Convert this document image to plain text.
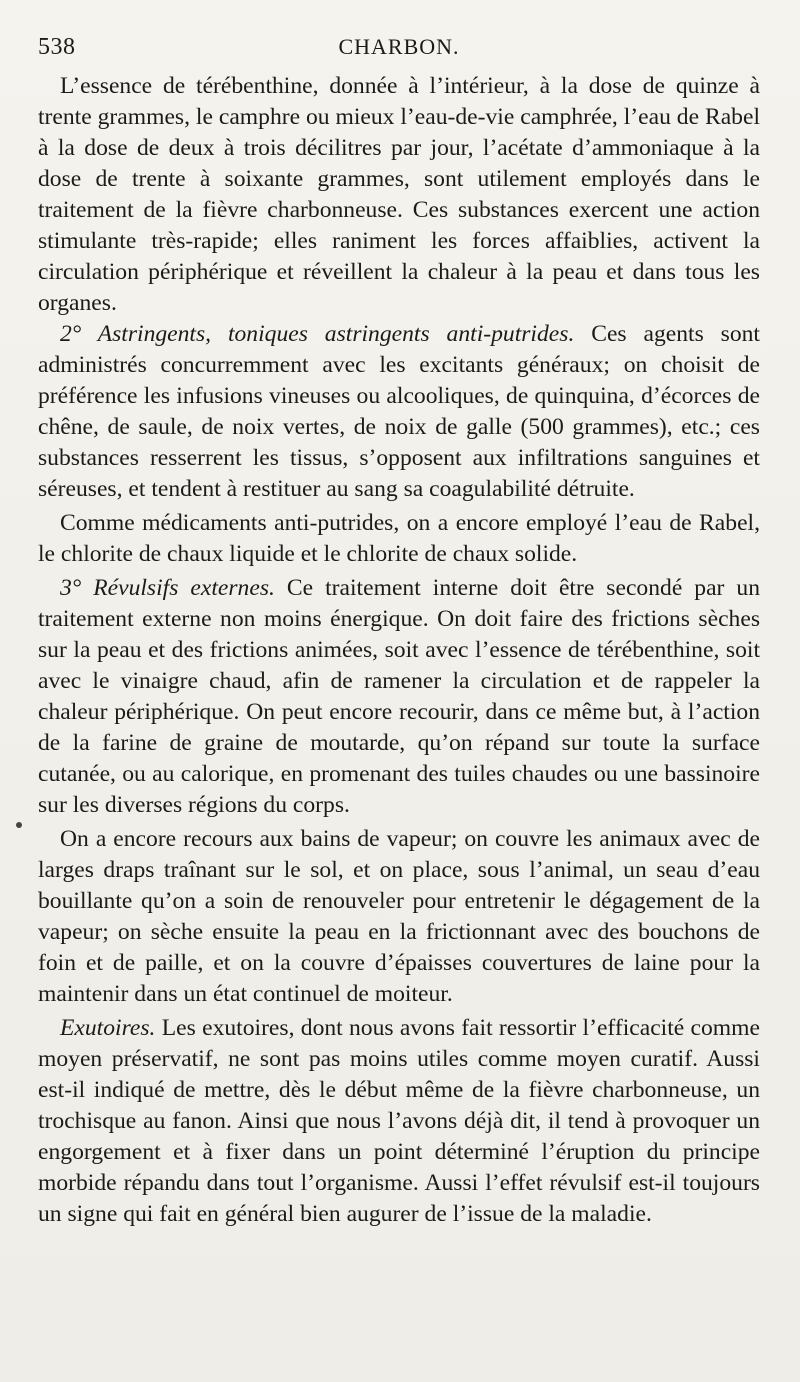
538	CHARBON.

L’essence de térébenthine, donnée à l’intérieur, à la dose de quinze à trente grammes, le camphre ou mieux l’eau-de-vie camphrée, l’eau de Rabel à la dose de deux à trois décilitres par jour, l’acétate d’ammoniaque à la dose de trente à soixante grammes, sont utilement employés dans le traitement de la fièvre charbonneuse. Ces substances exercent une action stimulante très-rapide; elles raniment les forces affaiblies, activent la circulation périphérique et réveillent la chaleur à la peau et dans tous les organes.

2° Astringents, toniques astringents anti-putrides. Ces agents sont administrés concurremment avec les excitants généraux; on choisit de préférence les infusions vineuses ou alcooliques, de quinquina, d’écorces de chêne, de saule, de noix vertes, de noix de galle (500 grammes), etc.; ces substances resserrent les tissus, s’opposent aux infiltrations sanguines et séreuses, et tendent à restituer au sang sa coagulabilité détruite.

Comme médicaments anti-putrides, on a encore employé l’eau de Rabel, le chlorite de chaux liquide et le chlorite de chaux solide.

3° Révulsifs externes. Ce traitement interne doit être secondé par un traitement externe non moins énergique. On doit faire des frictions sèches sur la peau et des frictions animées, soit avec l’essence de térébenthine, soit avec le vinaigre chaud, afin de ramener la circulation et de rappeler la chaleur périphérique. On peut encore recourir, dans ce même but, à l’action de la farine de graine de moutarde, qu’on répand sur toute la surface cutanée, ou au calorique, en promenant des tuiles chaudes ou une bassinoire sur les diverses régions du corps.

On a encore recours aux bains de vapeur; on couvre les animaux avec de larges draps traînant sur le sol, et on place, sous l’animal, un seau d’eau bouillante qu’on a soin de renouveler pour entretenir le dégagement de la vapeur; on sèche ensuite la peau en la frictionnant avec des bouchons de foin et de paille, et on la couvre d’épaisses couvertures de laine pour la maintenir dans un état continuel de moiteur.

Exutoires. Les exutoires, dont nous avons fait ressortir l’efficacité comme moyen préservatif, ne sont pas moins utiles comme moyen curatif. Aussi est-il indiqué de mettre, dès le début même de la fièvre charbonneuse, un trochisque au fanon. Ainsi que nous l’avons déjà dit, il tend à provoquer un engorgement et à fixer dans un point déterminé l’éruption du principe morbide répandu dans tout l’organisme. Aussi l’effet révulsif est-il toujours un signe qui fait en général bien augurer de l’issue de la maladie.
